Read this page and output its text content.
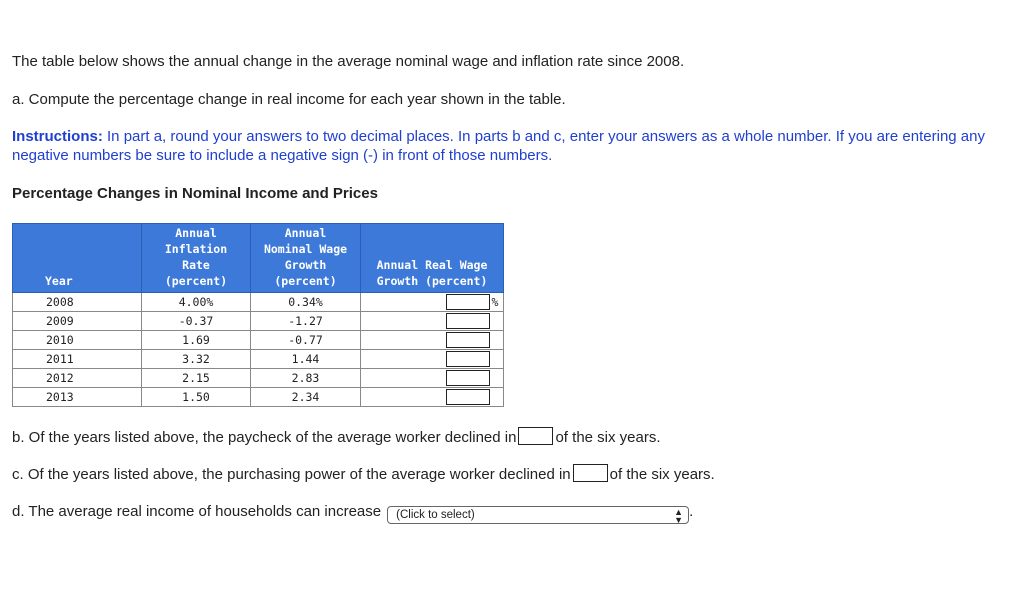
The table below shows the annual change in the average nominal wage and inflation rate since 2008.

a. Compute the percentage change in real income for each year shown in the table.

Instructions: In part a, round your answers to two decimal places. In parts b and c, enter your answers as a whole number. If you are entering any negative numbers be sure to include a negative sign (-) in front of those numbers.

Percentage Changes in Nominal Income and Prices

Year	Annual
Inflation
Rate
(percent)	Annual
Nominal Wage
Growth
(percent)	Annual Real Wage
Growth (percent)
2008	4.00%	0.34%	%
2009	-0.37	-1.27	
2010	1.69	-0.77	
2011	3.32	1.44	
2012	2.15	2.83	
2013	1.50	2.34	

b. Of the years listed above, the paycheck of the average worker declined in	of the six years.

c. Of the years listed above, the purchasing power of the average worker declined in	of the six years.

d. The average real income of households can increase (Click to select)	▲
▼ .
